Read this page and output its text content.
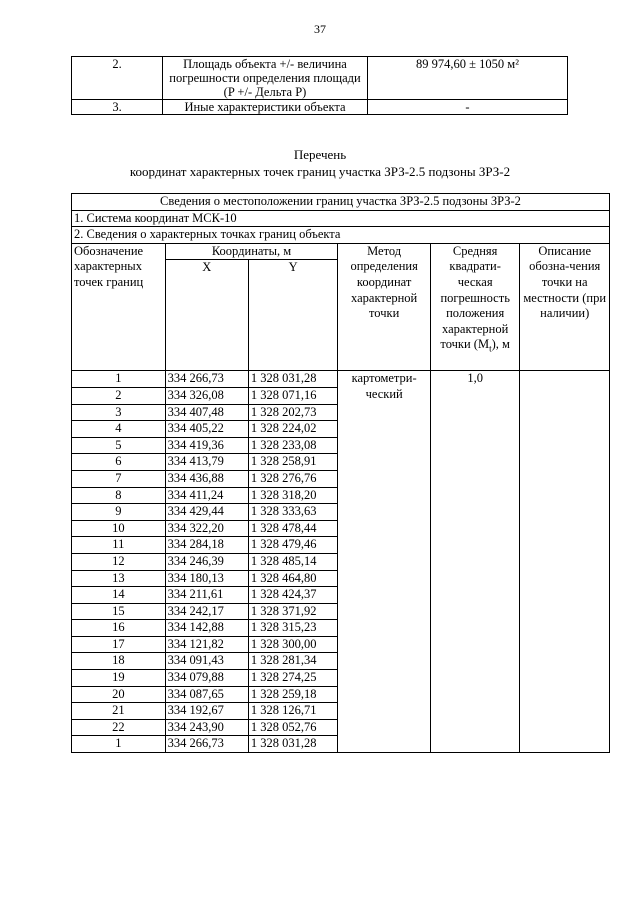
37
2.	Площадь объекта +/- величина погрешности определения площади (P +/- Дельта P)	89 974,60 ± 1050 м²
3.	Иные характеристики объекта	-
Перечень
координат характерных точек границ участка ЗРЗ-2.5 подзоны ЗРЗ-2
Сведения о местоположении границ участка ЗРЗ-2.5 подзоны ЗРЗ-2					
1. Система координат МСК-10					
2. Сведения о характерных точках границ объекта					
Обозначение характерных точек границ	Координаты, м		Метод определения координат характерной точки	Средняя квадрати-ческая погрешность положения характерной точки $(M_t)$, м	Описание обозна-чения точки на местности (при наличии)
	X	Y			
1	334 266,73	1 328 031,28	картометри-ческий	1,0	
2	334 326,08	1 328 071,16			
3	334 407,48	1 328 202,73			
4	334 405,22	1 328 224,02			
5	334 419,36	1 328 233,08			
6	334 413,79	1 328 258,91			
7	334 436,88	1 328 276,76			
8	334 411,24	1 328 318,20			
9	334 429,44	1 328 333,63			
10	334 322,20	1 328 478,44			
11	334 284,18	1 328 479,46			
12	334 246,39	1 328 485,14			
13	334 180,13	1 328 464,80			
14	334 211,61	1 328 424,37			
15	334 242,17	1 328 371,92			
16	334 142,88	1 328 315,23			
17	334 121,82	1 328 300,00			
18	334 091,43	1 328 281,34			
19	334 079,88	1 328 274,25			
20	334 087,65	1 328 259,18			
21	334 192,67	1 328 126,71			
22	334 243,90	1 328 052,76			
1	334 266,73	1 328 031,28			
